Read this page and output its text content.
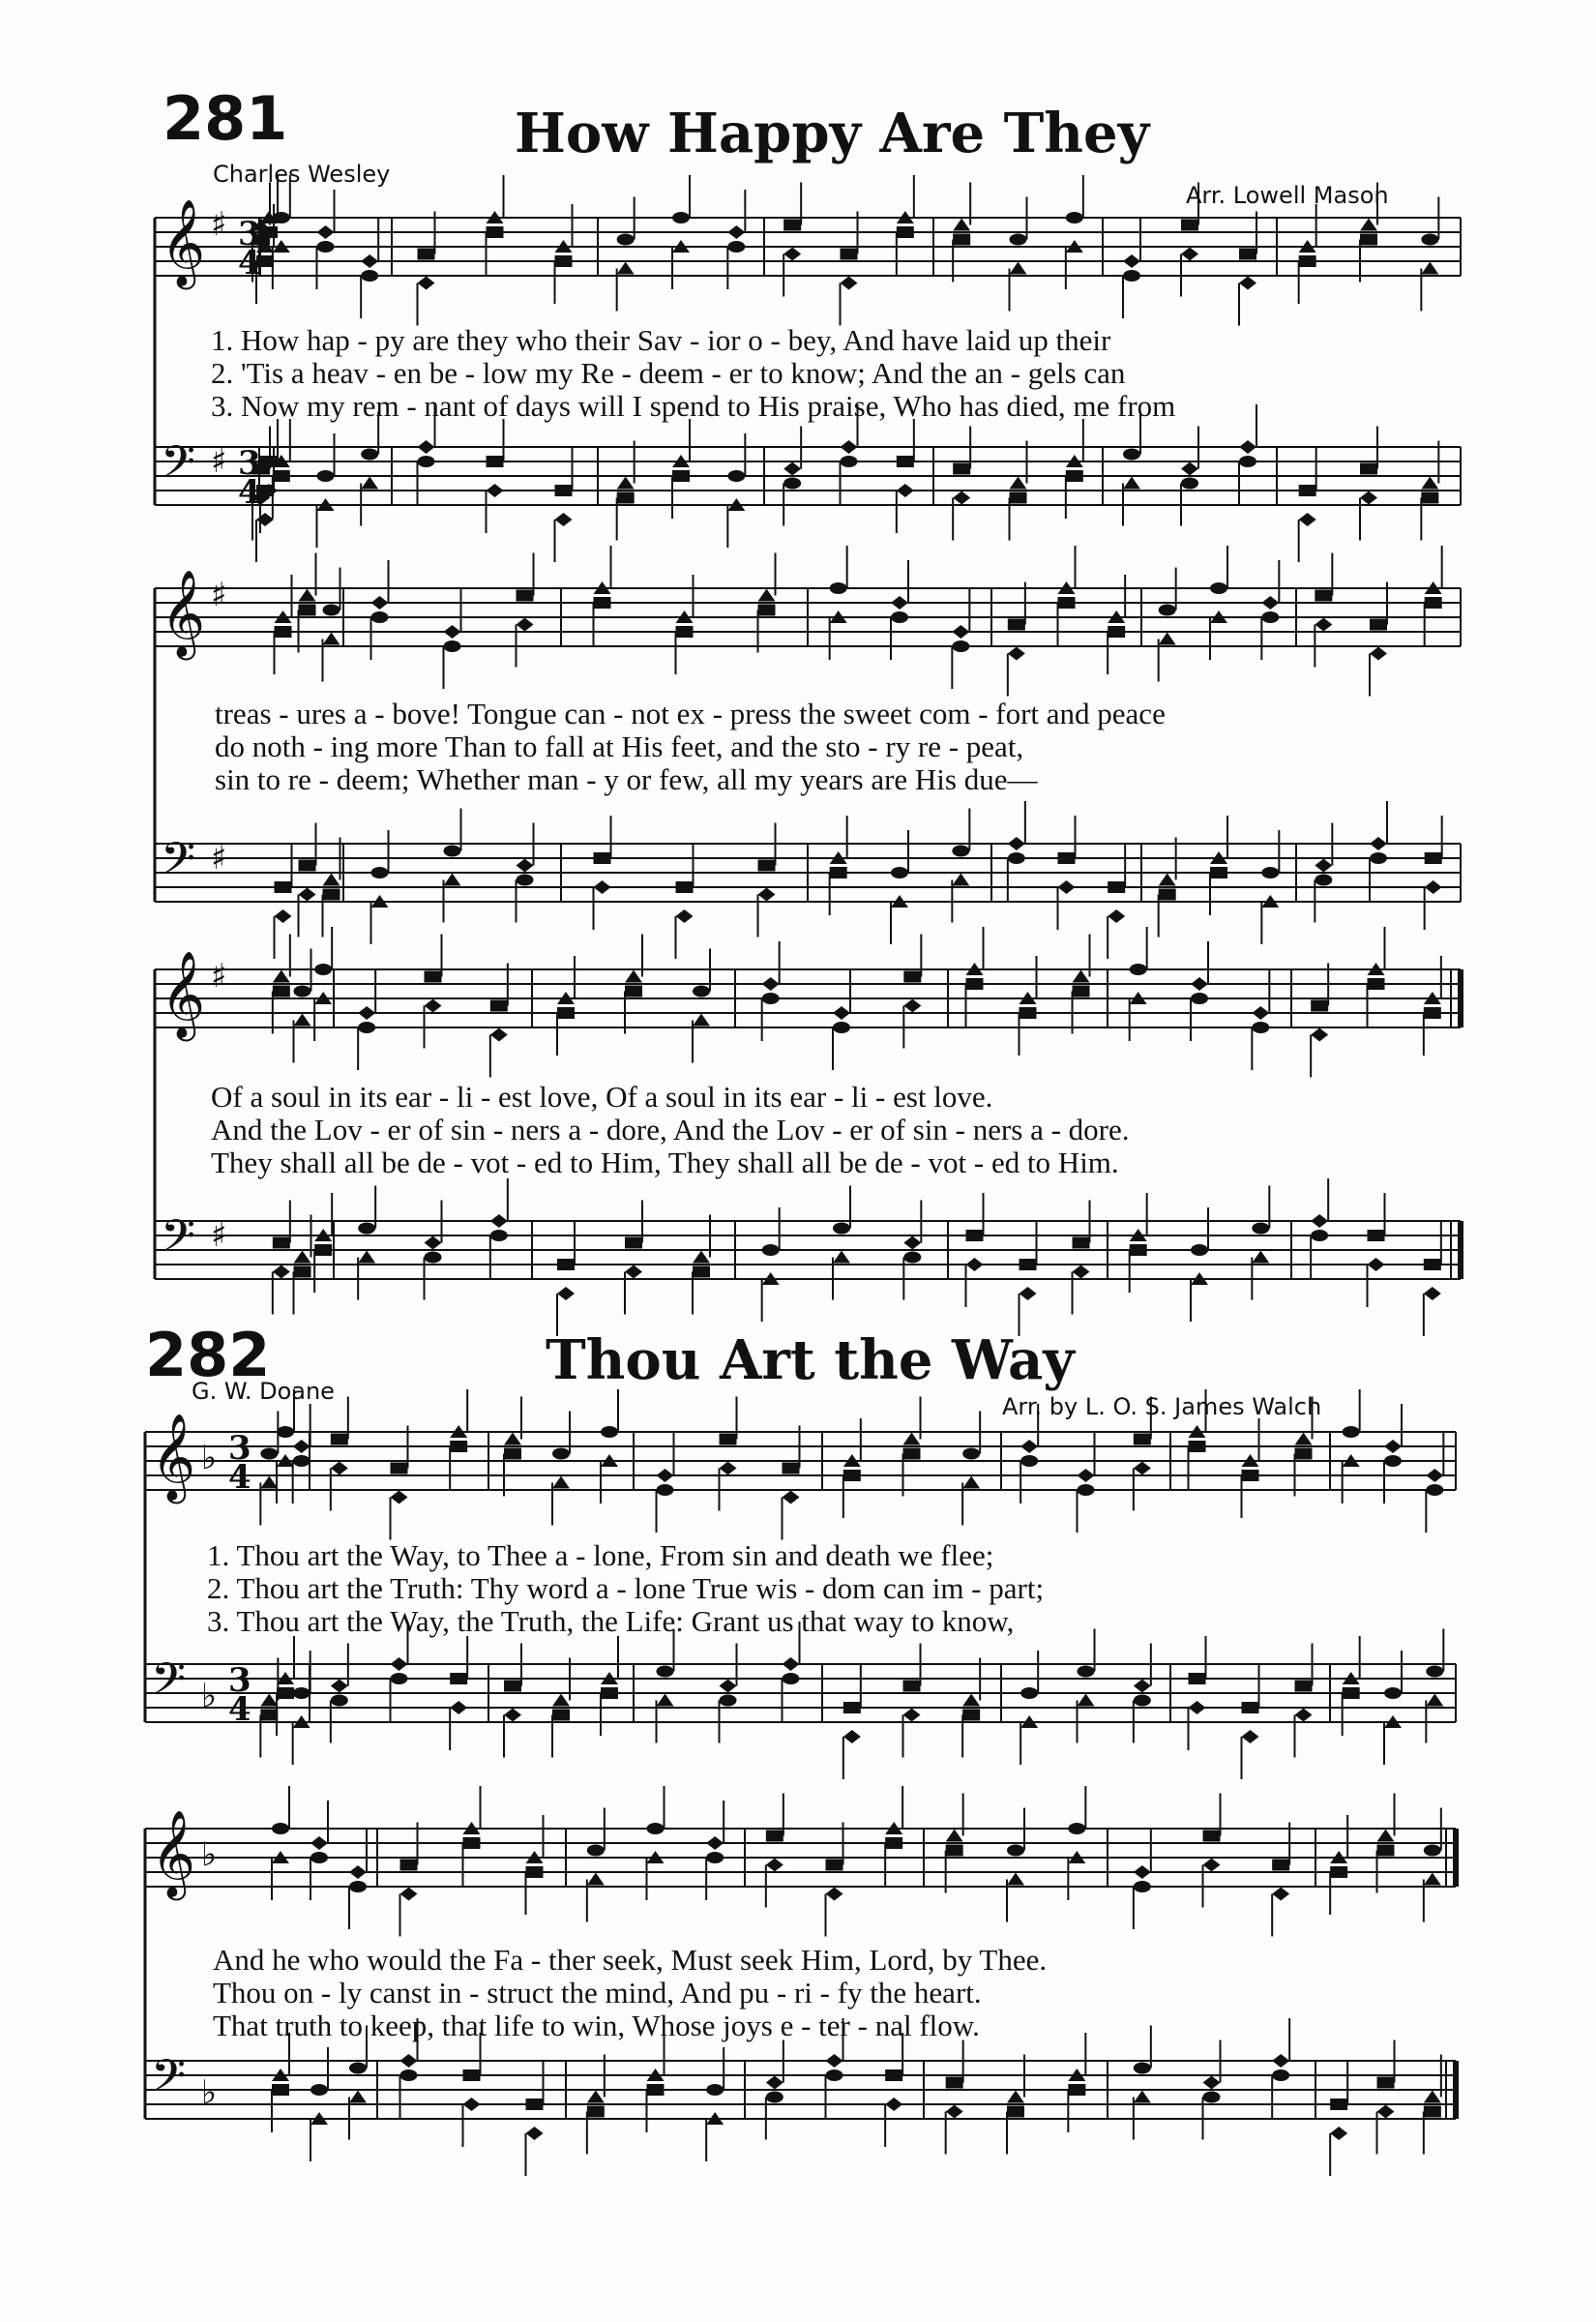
281	How Happy Are They
Charles Wesley
Arr. Lowell Mason
1. How hap - py are they who their Sav - ior o - bey, And have laid up their
2. 'Tis a heav - en be - low my Re - deem - er to know; And the an - gels can
3. Now my rem - nant of days will I spend to His praise, Who has died, me from
treas - ures a - bove! Tongue can - not ex - press the sweet com - fort and peace
do noth - ing more Than to fall at His feet, and the sto - ry re - peat,
sin to re - deem; Whether man - y or few, all my years are His due—
Of a soul in its ear - li - est love, Of a soul in its ear - li - est love.
And the Lov - er of sin - ners a - dore, And the Lov - er of sin - ners a - dore.
They shall all be de - vot - ed to Him, They shall all be de - vot - ed to Him.
282	Thou Art the Way
G. W. Doane
Arr. by L. O. S. James Walch
1. Thou art the Way, to Thee a - lone, From sin and death we flee;
2. Thou art the Truth: Thy word a - lone True wis - dom can im - part;
3. Thou art the Way, the Truth, the Life: Grant us that way to know,
And he who would the Fa - ther seek, Must seek Him, Lord, by Thee.
Thou on - ly canst in - struct the mind, And pu - ri - fy the heart.
That truth to keep, that life to win, Whose joys e - ter - nal flow.
𝄞 ♯
𝄢 ♯
𝄞 ♯
𝄢 ♯
𝄞 ♯
𝄢 ♯
𝄞 ♭
𝄢 ♭
𝄞 ♭
𝄢 ♭
3
4
3
4
3
4
3
4
